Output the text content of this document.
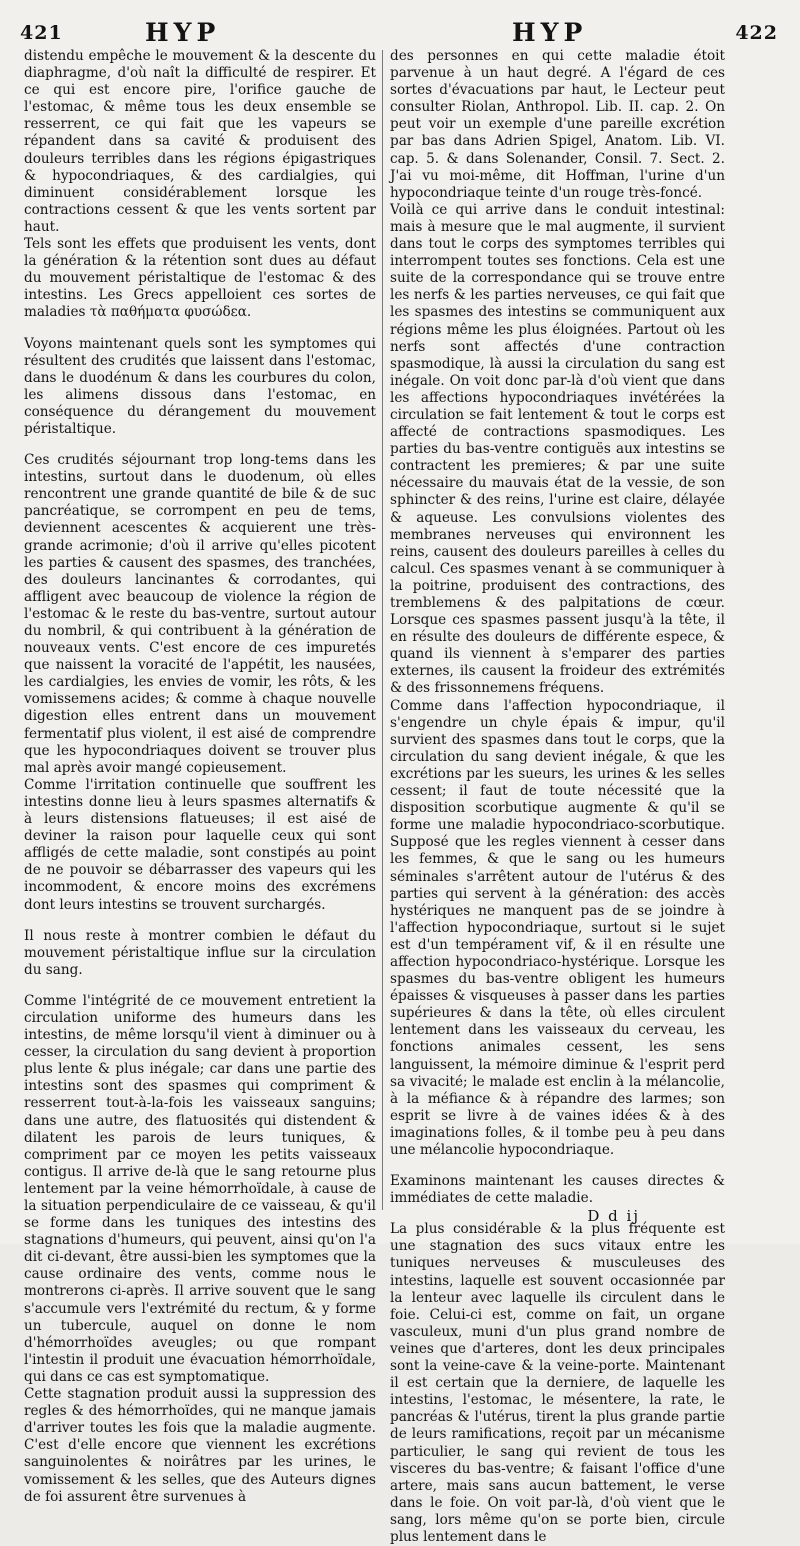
421	HYP	HYP	422

distendu empêche le mouvement & la descente du diaphragme, d'où naît la difficulté de respirer. Et ce qui est encore pire, l'orifice gauche de l'estomac, & même tous les deux ensemble se resserrent, ce qui fait que les vapeurs se répandent dans sa cavité & produisent des douleurs terribles dans les régions épigastriques & hypocondriaques, & des cardialgies, qui diminuent considérablement lorsque les contractions cessent & que les vents sortent par haut.

Tels sont les effets que produisent les vents, dont la génération & la rétention sont dues au défaut du mouvement péristaltique de l'estomac & des intestins. Les Grecs appelloient ces sortes de maladies τὰ παθήματα φυσώδεα.

Voyons maintenant quels sont les symptomes qui résultent des crudités que laissent dans l'estomac, dans le duodénum & dans les courbures du colon, les alimens dissous dans l'estomac, en conséquence du dérangement du mouvement péristaltique.

Ces crudités séjournant trop long-tems dans les intestins, surtout dans le duodenum, où elles rencontrent une grande quantité de bile & de suc pancréatique, se corrompent en peu de tems, deviennent acescentes & acquierent une très-grande acrimonie; d'où il arrive qu'elles picotent les parties & causent des spasmes, des tranchées, des douleurs lancinantes & corrodantes, qui affligent avec beaucoup de violence la région de l'estomac & le reste du bas-ventre, surtout autour du nombril, & qui contribuent à la génération de nouveaux vents. C'est encore de ces impuretés que naissent la voracité de l'appétit, les nausées, les cardialgies, les envies de vomir, les rôts, & les vomissemens acides; & comme à chaque nouvelle digestion elles entrent dans un mouvement fermentatif plus violent, il est aisé de comprendre que les hypocondriaques doivent se trouver plus mal après avoir mangé copieusement.

Comme l'irritation continuelle que souffrent les intestins donne lieu à leurs spasmes alternatifs & à leurs distensions flatueuses; il est aisé de deviner la raison pour laquelle ceux qui sont affligés de cette maladie, sont constipés au point de ne pouvoir se débarrasser des vapeurs qui les incommodent, & encore moins des excrémens dont leurs intestins se trouvent surchargés.

Il nous reste à montrer combien le défaut du mouvement péristaltique influe sur la circulation du sang.

Comme l'intégrité de ce mouvement entretient la circulation uniforme des humeurs dans les intestins, de même lorsqu'il vient à diminuer ou à cesser, la circulation du sang devient à proportion plus lente & plus inégale; car dans une partie des intestins sont des spasmes qui compriment & resserrent tout-à-la-fois les vaisseaux sanguins; dans une autre, des flatuosités qui distendent & dilatent les parois de leurs tuniques, & compriment par ce moyen les petits vaisseaux contigus. Il arrive de-là que le sang retourne plus lentement par la veine hémorrhoïdale, à cause de la situation perpendiculaire de ce vaisseau, & qu'il se forme dans les tuniques des intestins des stagnations d'humeurs, qui peuvent, ainsi qu'on l'a dit ci-devant, être aussi-bien les symptomes que la cause ordinaire des vents, comme nous le montrerons ci-après. Il arrive souvent que le sang s'accumule vers l'extrémité du rectum, & y forme un tubercule, auquel on donne le nom d'hémorrhoïdes aveugles; ou que rompant l'intestin il produit une évacuation hémorrhoïdale, qui dans ce cas est symptomatique.

Cette stagnation produit aussi la suppression des regles & des hémorrhoïdes, qui ne manque jamais d'arriver toutes les fois que la maladie augmente. C'est d'elle encore que viennent les excrétions sanguinolentes & noirâtres par les urines, le vomissement & les selles, que des Auteurs dignes de foi assurent être survenues à

des personnes en qui cette maladie étoit parvenue à un haut degré. A l'égard de ces sortes d'évacuations par haut, le Lecteur peut consulter Riolan, Anthropol. Lib. II. cap. 2. On peut voir un exemple d'une pareille excrétion par bas dans Adrien Spigel, Anatom. Lib. VI. cap. 5. & dans Solenander, Consil. 7. Sect. 2. J'ai vu moi-même, dit Hoffman, l'urine d'un hypocondriaque teinte d'un rouge très-foncé.

Voilà ce qui arrive dans le conduit intestinal: mais à mesure que le mal augmente, il survient dans tout le corps des symptomes terribles qui interrompent toutes ses fonctions. Cela est une suite de la correspondance qui se trouve entre les nerfs & les parties nerveuses, ce qui fait que les spasmes des intestins se communiquent aux régions même les plus éloignées. Partout où les nerfs sont affectés d'une contraction spasmodique, là aussi la circulation du sang est inégale. On voit donc par-là d'où vient que dans les affections hypocondriaques invétérées la circulation se fait lentement & tout le corps est affecté de contractions spasmodiques. Les parties du bas-ventre contiguës aux intestins se contractent les premieres; & par une suite nécessaire du mauvais état de la vessie, de son sphincter & des reins, l'urine est claire, délayée & aqueuse. Les convulsions violentes des membranes nerveuses qui environnent les reins, causent des douleurs pareilles à celles du calcul. Ces spasmes venant à se communiquer à la poitrine, produisent des contractions, des tremblemens & des palpitations de cœur. Lorsque ces spasmes passent jusqu'à la tête, il en résulte des douleurs de différente espece, & quand ils viennent à s'emparer des parties externes, ils causent la froideur des extrémités & des frissonnemens fréquens.

Comme dans l'affection hypocondriaque, il s'engendre un chyle épais & impur, qu'il survient des spasmes dans tout le corps, que la circulation du sang devient inégale, & que les excrétions par les sueurs, les urines & les selles cessent; il faut de toute nécessité que la disposition scorbutique augmente & qu'il se forme une maladie hypocondriaco-scorbutique. Supposé que les regles viennent à cesser dans les femmes, & que le sang ou les humeurs séminales s'arrêtent autour de l'utérus & des parties qui servent à la génération: des accès hystériques ne manquent pas de se joindre à l'affection hypocondriaque, surtout si le sujet est d'un tempérament vif, & il en résulte une affection hypocondriaco-hystérique. Lorsque les spasmes du bas-ventre obligent les humeurs épaisses & visqueuses à passer dans les parties supérieures & dans la tête, où elles circulent lentement dans les vaisseaux du cerveau, les fonctions animales cessent, les sens languissent, la mémoire diminue & l'esprit perd sa vivacité; le malade est enclin à la mélancolie, à la méfiance & à répandre des larmes; son esprit se livre à de vaines idées & à des imaginations folles, & il tombe peu à peu dans une mélancolie hypocondriaque.

Examinons maintenant les causes directes & immédiates de cette maladie.

La plus considérable & la plus fréquente est une stagnation des sucs vitaux entre les tuniques nerveuses & musculeuses des intestins, laquelle est souvent occasionnée par la lenteur avec laquelle ils circulent dans le foie. Celui-ci est, comme on fait, un organe vasculeux, muni d'un plus grand nombre de veines que d'arteres, dont les deux principales sont la veine-cave & la veine-porte. Maintenant il est certain que la derniere, de laquelle les intestins, l'estomac, le mésentere, la rate, le pancréas & l'utérus, tirent la plus grande partie de leurs ramifications, reçoit par un mécanisme particulier, le sang qui revient de tous les visceres du bas-ventre; & faisant l'office d'une artere, mais sans aucun battement, le verse dans le foie. On voit par-là, d'où vient que le sang, lors même qu'on se porte bien, circule plus lentement dans le

D d ij
